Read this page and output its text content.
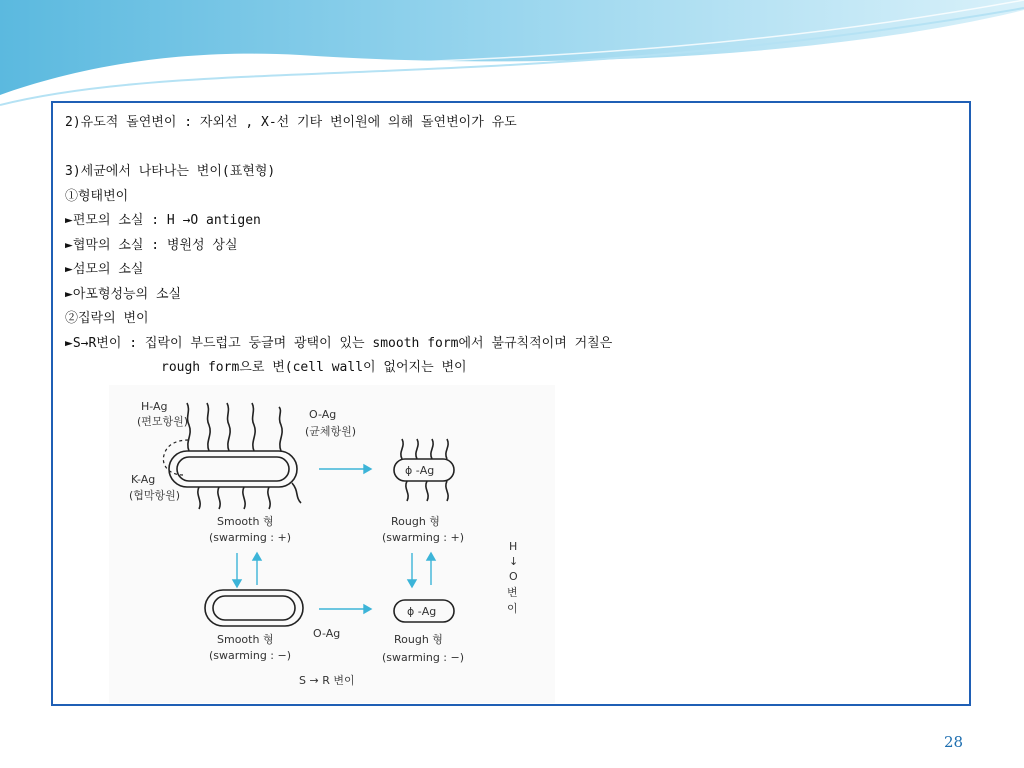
2)유도적 돌연변이 : 자외선 , X-선 기타 변이원에 의해 돌연변이가 유도
3)세균에서 나타나는 변이(표현형)
①형태변이
►편모의 소실 : H →O antigen
►협막의 소실 : 병원성 상실
►섬모의 소실
►아포형성능의 소실
②집락의 변이
►S→R변이 : 집락이 부드럽고 둥글며 광택이 있는 smooth form에서 불규칙적이며 거칠은
rough form으로 변(cell wall이 없어지는 변이
H-Ag
(편모항원)
O-Ag
(균체항원)
K-Ag
(협막항원)
ϕ -Ag
ϕ -Ag
Smooth 형
(swarming : +)
Rough 형
(swarming : +)
Smooth 형
(swarming : −)
O-Ag	Rough 형
(swarming : −)
S → R 변이
H
↓
O
변
이
28
